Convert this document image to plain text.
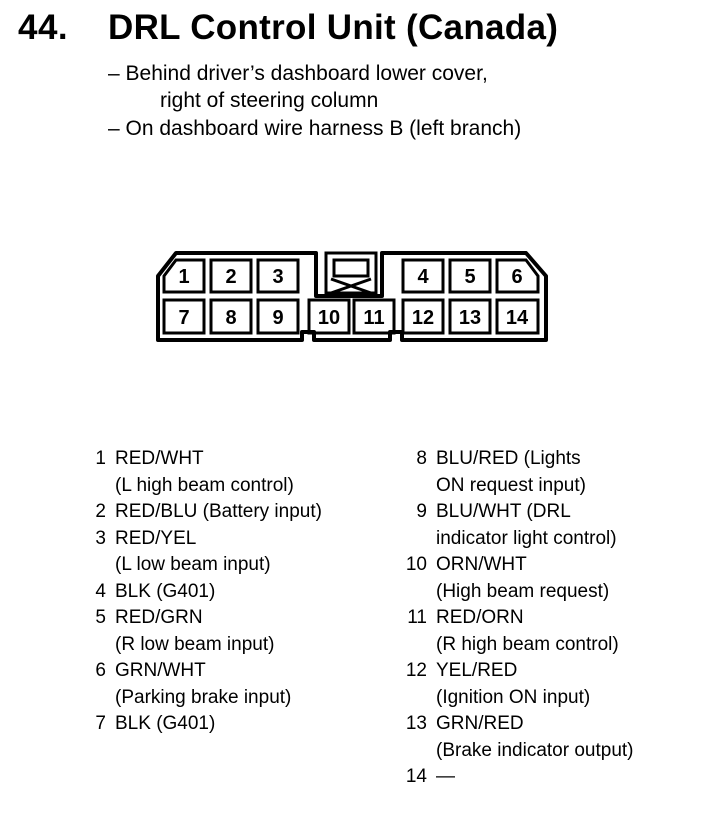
44. DRL Control Unit (Canada)
– Behind driver’s dashboard lower cover,
right of steering column
– On dashboard wire harness B (left branch)
1 2 3	4 5 6
7 8 9 10 11 12 13 14
1 RED/WHT
(L high beam control)
2 RED/BLU (Battery input)
3 RED/YEL
(L low beam input)
4 BLK (G401)
5 RED/GRN
(R low beam input)
6 GRN/WHT
(Parking brake input)
7 BLK (G401)
8 BLU/RED (Lights
ON request input)
9 BLU/WHT (DRL
indicator light control)
10 ORN/WHT
(High beam request)
11 RED/ORN
(R high beam control)
12 YEL/RED
(Ignition ON input)
13 GRN/RED
(Brake indicator output)
14 —
